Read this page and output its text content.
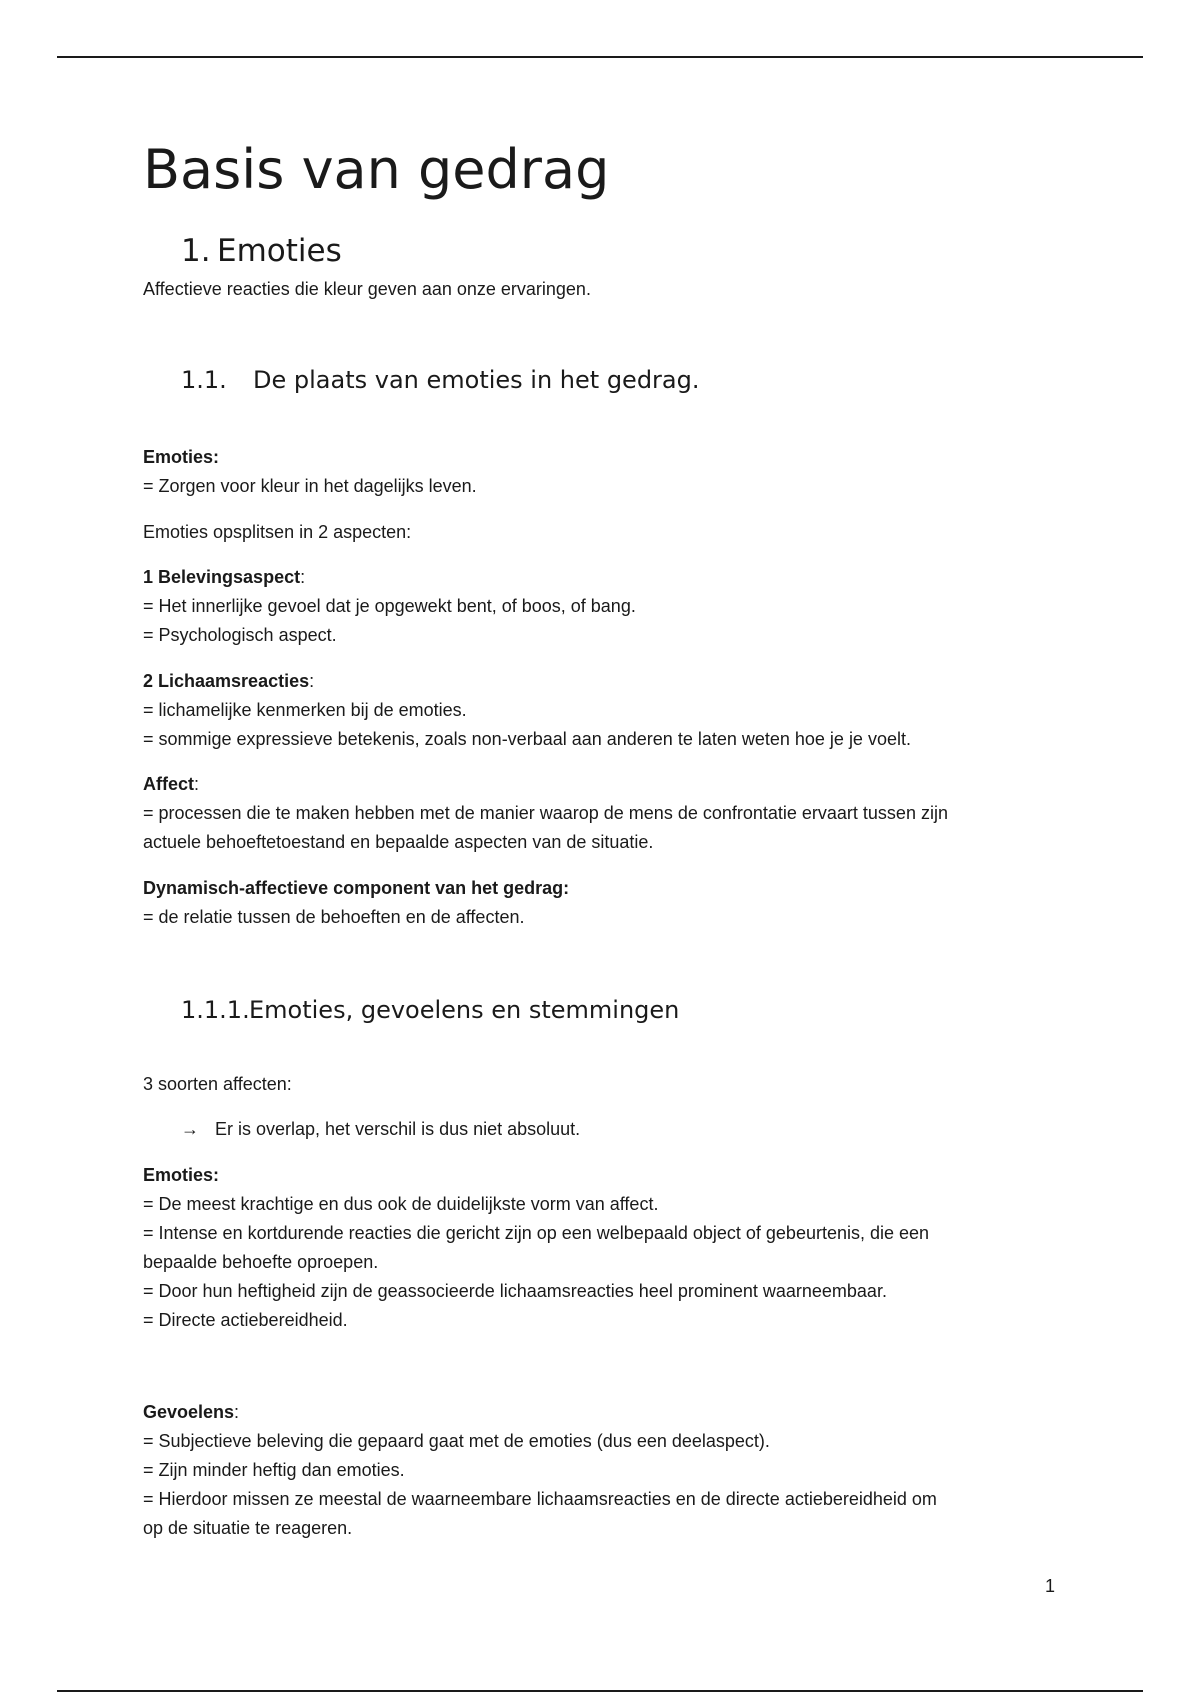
Basis van gedrag
1. Emoties

Affectieve reacties die kleur geven aan onze ervaringen.

1.1. De plaats van emoties in het gedrag.

Emoties:

= Zorgen voor kleur in het dagelijks leven.

Emoties opsplitsen in 2 aspecten:

1 Belevingsaspect:

= Het innerlijke gevoel dat je opgewekt bent, of boos, of bang.

= Psychologisch aspect.

2 Lichaamsreacties:

= lichamelijke kenmerken bij de emoties.

= sommige expressieve betekenis, zoals non-verbaal aan anderen te laten weten hoe je je voelt.

Affect:

= processen die te maken hebben met de manier waarop de mens de confrontatie ervaart tussen zijn

actuele behoeftetoestand en bepaalde aspecten van de situatie.

Dynamisch-affectieve component van het gedrag:

= de relatie tussen de behoeften en de affecten.

1.1.1.Emoties, gevoelens en stemmingen

3 soorten affecten:

→ Er is overlap, het verschil is dus niet absoluut.

Emoties:

= De meest krachtige en dus ook de duidelijkste vorm van affect.

= Intense en kortdurende reacties die gericht zijn op een welbepaald object of gebeurtenis, die een

bepaalde behoefte oproepen.

= Door hun heftigheid zijn de geassocieerde lichaamsreacties heel prominent waarneembaar.

= Directe actiebereidheid.

Gevoelens:

= Subjectieve beleving die gepaard gaat met de emoties (dus een deelaspect).

= Zijn minder heftig dan emoties.

= Hierdoor missen ze meestal de waarneembare lichaamsreacties en de directe actiebereidheid om

op de situatie te reageren.

1
